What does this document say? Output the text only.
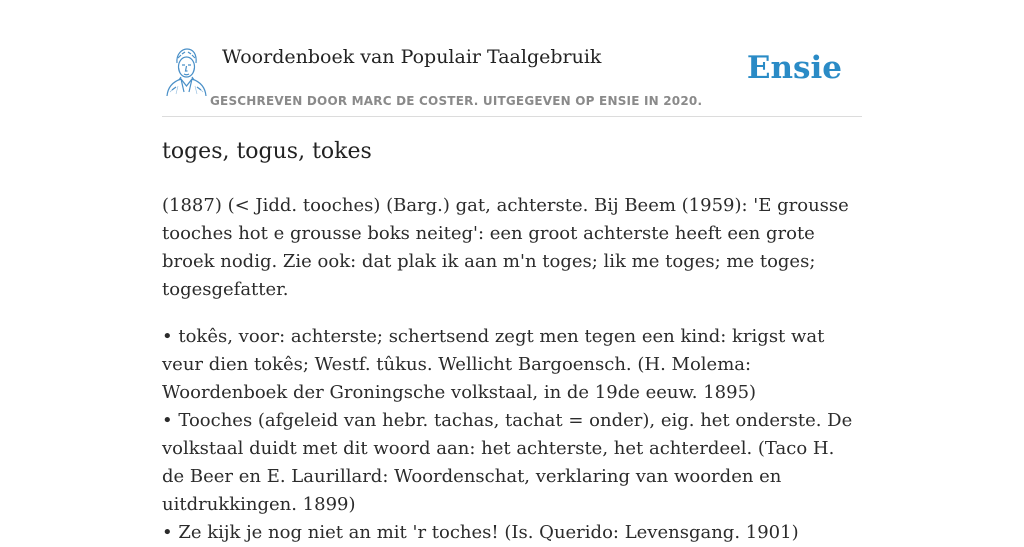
Woordenboek van Populair Taalgebruik
GESCHREVEN DOOR MARC DE COSTER. UITGEGEVEN OP ENSIE IN 2020.
Ensie
toges, togus, tokes

(1887) (< Jidd. tooches) (Barg.) gat, achterste. Bij Beem (1959): 'E grousse tooches hot e grousse boks neiteg': een groot achterste heeft een grote broek nodig. Zie ook: dat plak ik aan m'n toges; lik me toges; me toges; togesgefatter.

• tokês, voor: achterste; schertsend zegt men tegen een kind: krigst wat veur dien tokês; Westf. tûkus. Wellicht Bargoensch. (H. Molema: Woordenboek der Groningsche volkstaal, in de 19de eeuw. 1895)

• Tooches (afgeleid van hebr. tachas, tachat = onder), eig. het onderste. De volkstaal duidt met dit woord aan: het achterste, het achterdeel. (Taco H. de Beer en E. Laurillard: Woordenschat, verklaring van woorden en uitdrukkingen. 1899)

• Ze kijk je nog niet an mit 'r toches! (Is. Querido: Levensgang. 1901)
